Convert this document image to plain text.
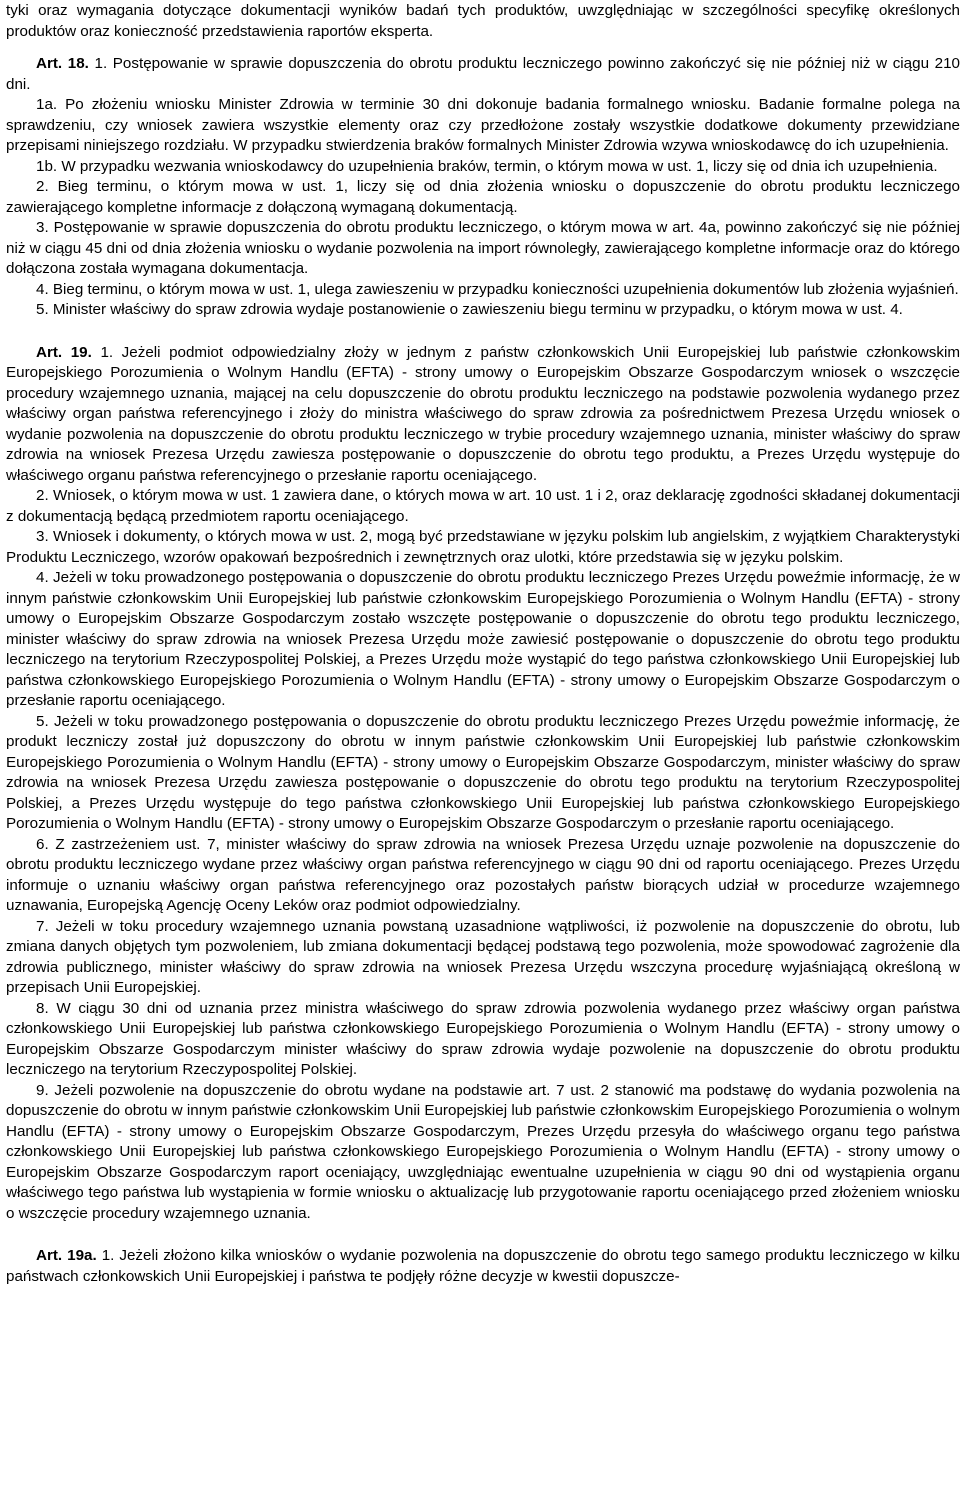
tyki oraz wymagania dotyczące dokumentacji wyników badań tych produktów, uwzględniając w szczególności specyfikę określonych produktów oraz konieczność przedstawienia raportów eksperta.

Art. 18. 1. Postępowanie w sprawie dopuszczenia do obrotu produktu leczniczego powinno zakończyć się nie później niż w ciągu 210 dni.

1a. Po złożeniu wniosku Minister Zdrowia w terminie 30 dni dokonuje badania formalnego wniosku. Badanie formalne polega na sprawdzeniu, czy wniosek zawiera wszystkie elementy oraz czy przedłożone zostały wszystkie dodatkowe dokumenty przewidziane przepisami niniejszego rozdziału. W przypadku stwierdzenia braków formalnych Minister Zdrowia wzywa wnioskodawcę do ich uzupełnienia.

1b. W przypadku wezwania wnioskodawcy do uzupełnienia braków, termin, o którym mowa w ust. 1, liczy się od dnia ich uzupełnienia.

2. Bieg terminu, o którym mowa w ust. 1, liczy się od dnia złożenia wniosku o dopuszczenie do obrotu produktu leczniczego zawierającego kompletne informacje z dołączoną wymaganą dokumentacją.

3. Postępowanie w sprawie dopuszczenia do obrotu produktu leczniczego, o którym mowa w art. 4a, powinno zakończyć się nie później niż w ciągu 45 dni od dnia złożenia wniosku o wydanie pozwolenia na import równoległy, zawierającego kompletne informacje oraz do którego dołączona została wymagana dokumentacja.

4. Bieg terminu, o którym mowa w ust. 1, ulega zawieszeniu w przypadku konieczności uzupełnienia dokumentów lub złożenia wyjaśnień.

5. Minister właściwy do spraw zdrowia wydaje postanowienie o zawieszeniu biegu terminu w przypadku, o którym mowa w ust. 4.

Art. 19. 1. Jeżeli podmiot odpowiedzialny złoży w jednym z państw członkowskich Unii Europejskiej lub państwie członkowskim Europejskiego Porozumienia o Wolnym Handlu (EFTA) - strony umowy o Europejskim Obszarze Gospodarczym wniosek o wszczęcie procedury wzajemnego uznania, mającej na celu dopuszczenie do obrotu produktu leczniczego na podstawie pozwolenia wydanego przez właściwy organ państwa referencyjnego i złoży do ministra właściwego do spraw zdrowia za pośrednictwem Prezesa Urzędu wniosek o wydanie pozwolenia na dopuszczenie do obrotu produktu leczniczego w trybie procedury wzajemnego uznania, minister właściwy do spraw zdrowia na wniosek Prezesa Urzędu zawiesza postępowanie o dopuszczenie do obrotu tego produktu, a Prezes Urzędu występuje do właściwego organu państwa referencyjnego o przesłanie raportu oceniającego.

2. Wniosek, o którym mowa w ust. 1 zawiera dane, o których mowa w art. 10 ust. 1 i 2, oraz deklarację zgodności składanej dokumentacji z dokumentacją będącą przedmiotem raportu oceniającego.

3. Wniosek i dokumenty, o których mowa w ust. 2, mogą być przedstawiane w języku polskim lub angielskim, z wyjątkiem Charakterystyki Produktu Leczniczego, wzorów opakowań bezpośrednich i zewnętrznych oraz ulotki, które przedstawia się w języku polskim.

4. Jeżeli w toku prowadzonego postępowania o dopuszczenie do obrotu produktu leczniczego Prezes Urzędu poweźmie informację, że w innym państwie członkowskim Unii Europejskiej lub państwie członkowskim Europejskiego Porozumienia o Wolnym Handlu (EFTA) - strony umowy o Europejskim Obszarze Gospodarczym zostało wszczęte postępowanie o dopuszczenie do obrotu tego produktu leczniczego, minister właściwy do spraw zdrowia na wniosek Prezesa Urzędu może zawiesić postępowanie o dopuszczenie do obrotu tego produktu leczniczego na terytorium Rzeczypospolitej Polskiej, a Prezes Urzędu może wystąpić do tego państwa członkowskiego Unii Europejskiej lub państwa członkowskiego Europejskiego Porozumienia o Wolnym Handlu (EFTA) - strony umowy o Europejskim Obszarze Gospodarczym o przesłanie raportu oceniającego.

5. Jeżeli w toku prowadzonego postępowania o dopuszczenie do obrotu produktu leczniczego Prezes Urzędu poweźmie informację, że produkt leczniczy został już dopuszczony do obrotu w innym państwie członkowskim Unii Europejskiej lub państwie członkowskim Europejskiego Porozumienia o Wolnym Handlu (EFTA) - strony umowy o Europejskim Obszarze Gospodarczym, minister właściwy do spraw zdrowia na wniosek Prezesa Urzędu zawiesza postępowanie o dopuszczenie do obrotu tego produktu na terytorium Rzeczypospolitej Polskiej, a Prezes Urzędu występuje do tego państwa członkowskiego Unii Europejskiej lub państwa członkowskiego Europejskiego Porozumienia o Wolnym Handlu (EFTA) - strony umowy o Europejskim Obszarze Gospodarczym o przesłanie raportu oceniającego.

6. Z zastrzeżeniem ust. 7, minister właściwy do spraw zdrowia na wniosek Prezesa Urzędu uznaje pozwolenie na dopuszczenie do obrotu produktu leczniczego wydane przez właściwy organ państwa referencyjnego w ciągu 90 dni od raportu oceniającego. Prezes Urzędu informuje o uznaniu właściwy organ państwa referencyjnego oraz pozostałych państw biorących udział w procedurze wzajemnego uznawania, Europejską Agencję Oceny Leków oraz podmiot odpowiedzialny.

7. Jeżeli w toku procedury wzajemnego uznania powstaną uzasadnione wątpliwości, iż pozwolenie na dopuszczenie do obrotu, lub zmiana danych objętych tym pozwoleniem, lub zmiana dokumentacji będącej podstawą tego pozwolenia, może spowodować zagrożenie dla zdrowia publicznego, minister właściwy do spraw zdrowia na wniosek Prezesa Urzędu wszczyna procedurę wyjaśniającą określoną w przepisach Unii Europejskiej.

8. W ciągu 30 dni od uznania przez ministra właściwego do spraw zdrowia pozwolenia wydanego przez właściwy organ państwa członkowskiego Unii Europejskiej lub państwa członkowskiego Europejskiego Porozumienia o Wolnym Handlu (EFTA) - strony umowy o Europejskim Obszarze Gospodarczym minister właściwy do spraw zdrowia wydaje pozwolenie na dopuszczenie do obrotu produktu leczniczego na terytorium Rzeczypospolitej Polskiej.

9. Jeżeli pozwolenie na dopuszczenie do obrotu wydane na podstawie art. 7 ust. 2 stanowić ma podstawę do wydania pozwolenia na dopuszczenie do obrotu w innym państwie członkowskim Unii Europejskiej lub państwie członkowskim Europejskiego Porozumienia o wolnym Handlu (EFTA) - strony umowy o Europejskim Obszarze Gospodarczym, Prezes Urzędu przesyła do właściwego organu tego państwa członkowskiego Unii Europejskiej lub państwa członkowskiego Europejskiego Porozumienia o Wolnym Handlu (EFTA) - strony umowy o Europejskim Obszarze Gospodarczym raport oceniający, uwzględniając ewentualne uzupełnienia w ciągu 90 dni od wystąpienia organu właściwego tego państwa lub wystąpienia w formie wniosku o aktualizację lub przygotowanie raportu oceniającego przed złożeniem wniosku o wszczęcie procedury wzajemnego uznania.

Art. 19a. 1. Jeżeli złożono kilka wniosków o wydanie pozwolenia na dopuszczenie do obrotu tego samego produktu leczniczego w kilku państwach członkowskich Unii Europejskiej i państwa te podjęły różne decyzje w kwestii dopuszcze-
